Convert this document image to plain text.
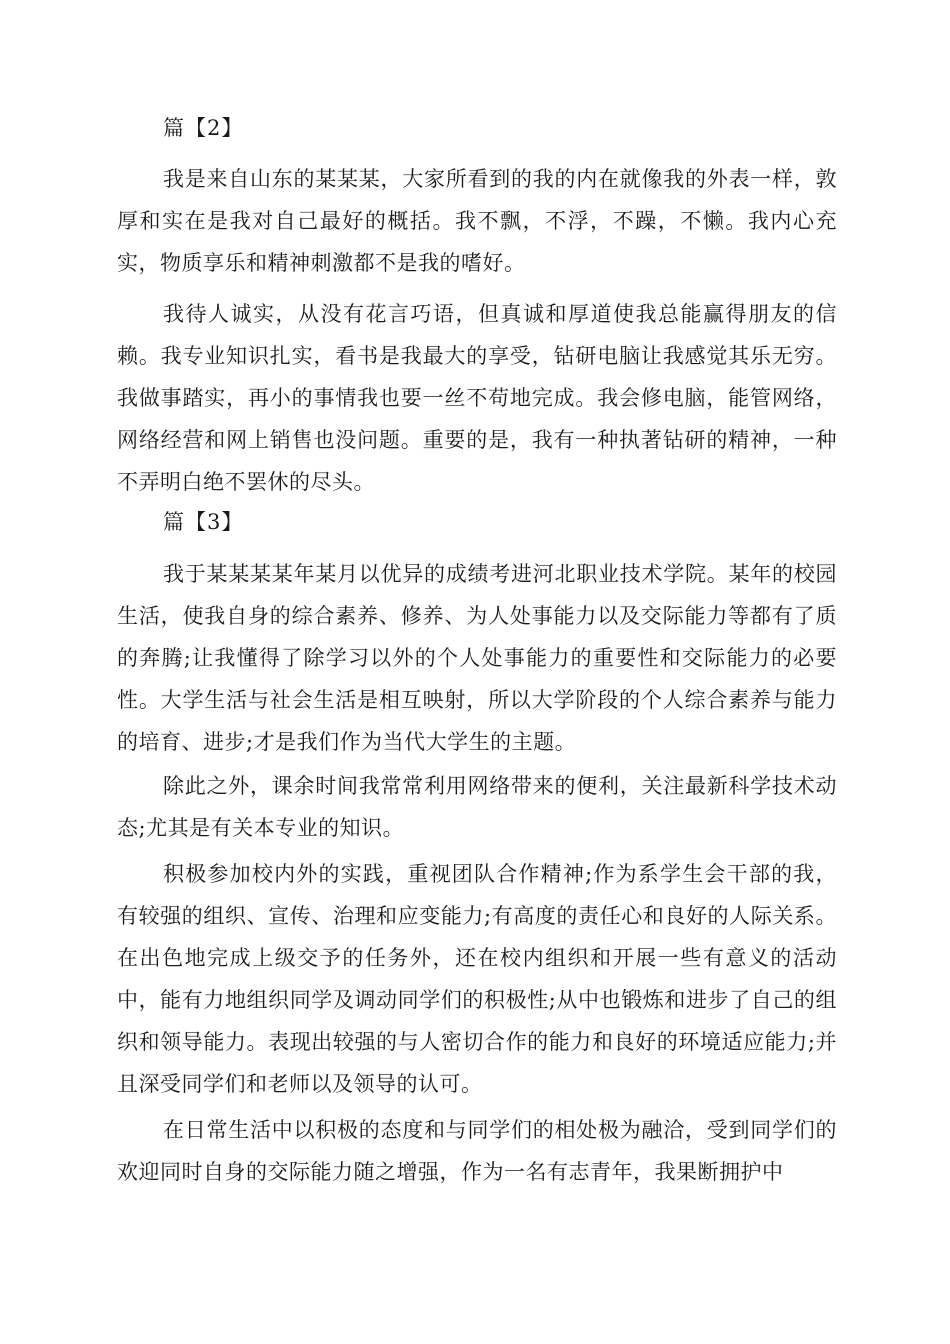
篇【2】

我是来自山东的某某某，大家所看到的我的内在就像我的外表一样，敦厚和实在是我对自己最好的概括。我不飘，不浮，不躁，不懒。我内心充实，物质享乐和精神刺激都不是我的嗜好。

我待人诚实，从没有花言巧语，但真诚和厚道使我总能赢得朋友的信赖。我专业知识扎实，看书是我最大的享受，钻研电脑让我感觉其乐无穷。我做事踏实，再小的事情我也要一丝不苟地完成。我会修电脑，能管网络，网络经营和网上销售也没问题。重要的是，我有一种执著钻研的精神，一种不弄明白绝不罢休的尽头。

篇【3】

我于某某某某年某月以优异的成绩考进河北职业技术学院。某年的校园生活，使我自身的综合素养、修养、为人处事能力以及交际能力等都有了质的奔腾;让我懂得了除学习以外的个人处事能力的重要性和交际能力的必要性。大学生活与社会生活是相互映射，所以大学阶段的个人综合素养与能力的培育、进步;才是我们作为当代大学生的主题。

除此之外，课余时间我常常利用网络带来的便利，关注最新科学技术动态;尤其是有关本专业的知识。

积极参加校内外的实践，重视团队合作精神;作为系学生会干部的我，有较强的组织、宣传、治理和应变能力;有高度的责任心和良好的人际关系。在出色地完成上级交予的任务外，还在校内组织和开展一些有意义的活动中，能有力地组织同学及调动同学们的积极性;从中也锻炼和进步了自己的组织和领导能力。表现出较强的与人密切合作的能力和良好的环境适应能力;并且深受同学们和老师以及领导的认可。

在日常生活中以积极的态度和与同学们的相处极为融洽，受到同学们的欢迎同时自身的交际能力随之增强，作为一名有志青年，我果断拥护中
